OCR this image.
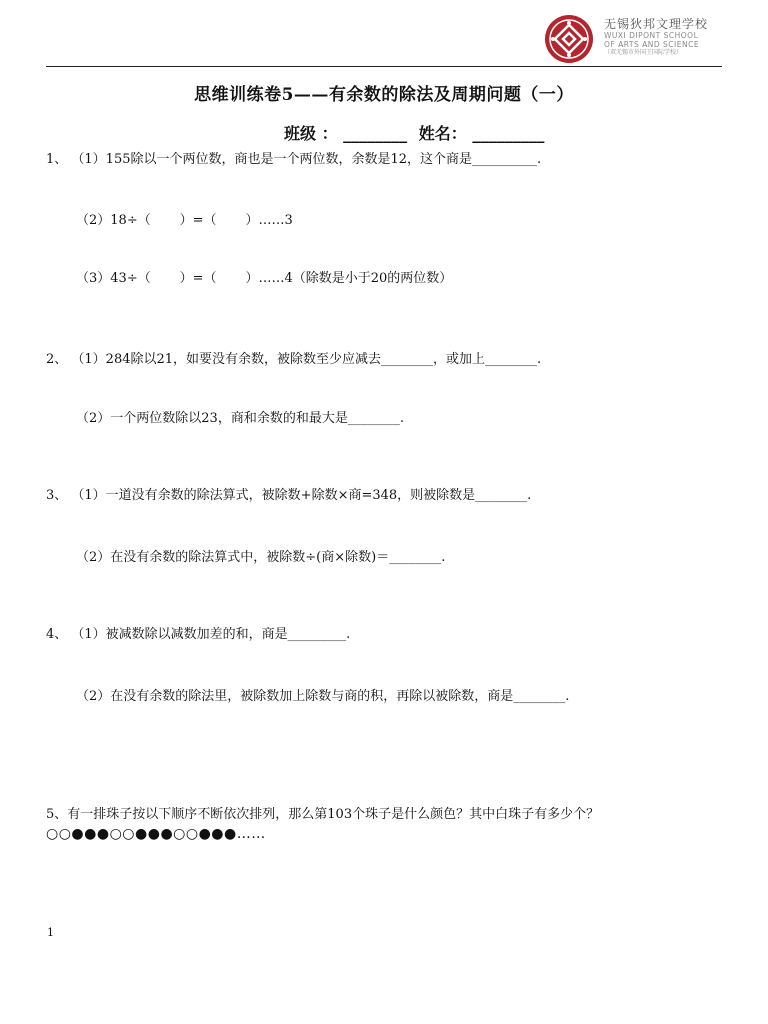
无锡狄邦文理学校
WUXI DIPONT SCHOOL
OF ARTS AND SCIENCE
（双无锡市外国王国际学校）
思维训练卷5——有余数的除法及周期问题（一）
班级 ： ________ 姓名： _________
1、 （1）155除以一个两位数，商也是一个两位数，余数是12，这个商是__________.
（2）18÷（       ）=（       ）……3
（3）43÷（       ）=（       ）……4（除数是小于20的两位数）
2、 （1）284除以21，如要没有余数，被除数至少应减去________，或加上________.
（2）一个两位数除以23，商和余数的和最大是________.
3、 （1）一道没有余数的除法算式，被除数+除数×商=348，则被除数是________.
（2）在没有余数的除法算式中，被除数÷(商×除数)＝________.
4、 （1）被减数除以减数加差的和，商是_________.
（2）在没有余数的除法里，被除数加上除数与商的积，再除以被除数，商是________.
5、有一排珠子按以下顺序不断依次排列，那么第103个珠子是什么颜色？其中白珠子有多少个？
○○●●●○○●●●○○●●●……
1
